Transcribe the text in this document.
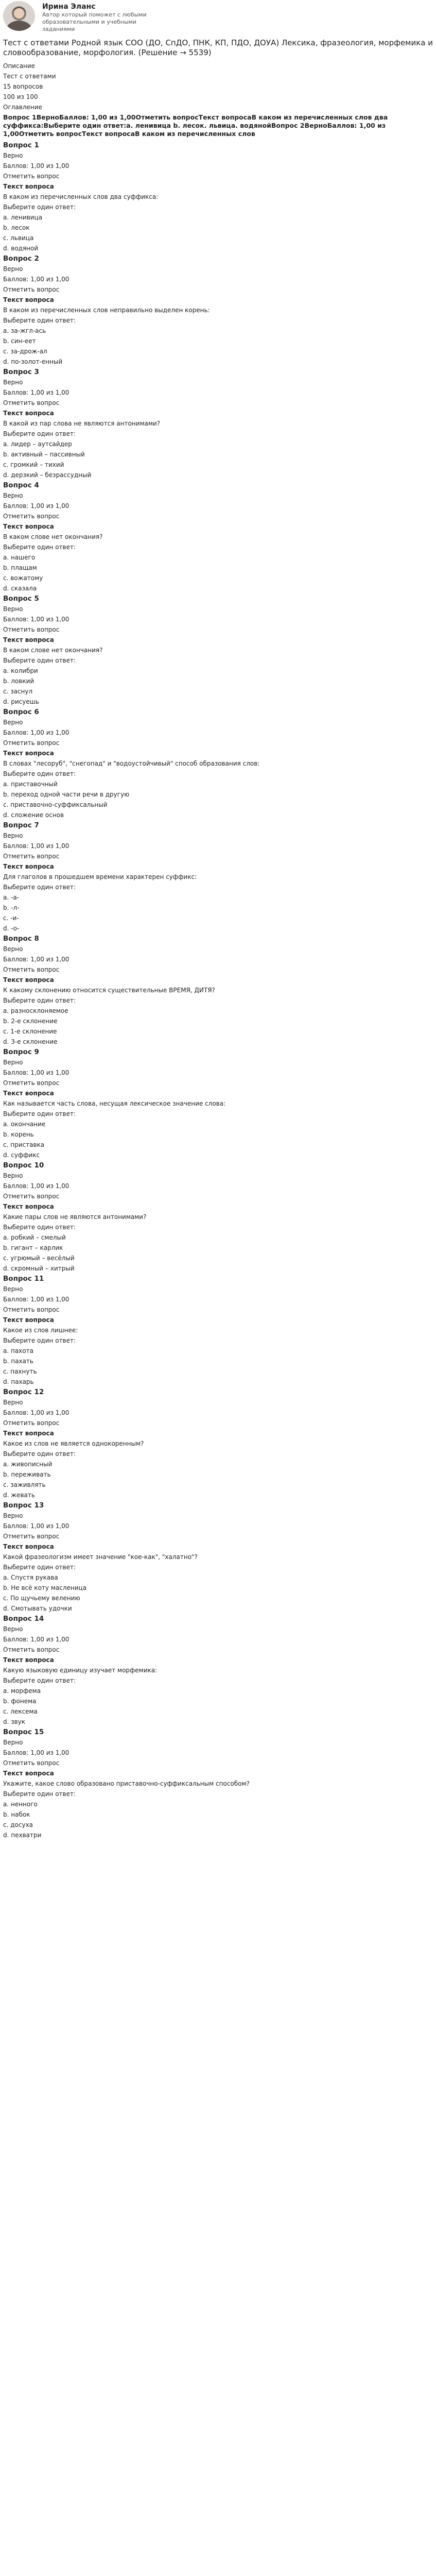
Ирина Эланс
Автор который поможет с любыми образовательными и учебными заданиями
Тест с ответами Родной язык СОО (ДО, СпДО, ПНК, КП, ПДО, ДОУА) Лексика, фразеология, морфемика и словообразование, морфология. (Решение → 5539)
Описание
Тест с ответами
15 вопросов
100 из 100
Оглавление
Вопрос 1ВерноБаллов: 1,00 из 1,00Отметить вопросТекст вопросаВ каком из перечисленных слов два суффикса:Выберите один ответ:a. ленивица b. лесок. львица. водянойВопрос 2ВерноБаллов: 1,00 из 1,00Отметить вопросТекст вопросаВ каком из перечисленных слов
Вопрос 1
Верно
Баллов: 1,00 из 1,00
Отметить вопрос
Текст вопроса
В каком из перечисленных слов два суффикса:
Выберите один ответ:
a. ленивица
b. лесок
c. львица
d. водяной
Вопрос 2
Верно
Баллов: 1,00 из 1,00
Отметить вопрос
Текст вопроса
В каком из перечисленных слов неправильно выделен корень:
Выберите один ответ:
a. за-жгл-ась
b. син-еет
c. за-дрож-ал
d. по-золот-енный
Вопрос 3
Верно
Баллов: 1,00 из 1,00
Отметить вопрос
Текст вопроса
В какой из пар слова не являются антонимами?
Выберите один ответ:
a. лидер – аутсайдер
b. активный – пассивный
c. громкий – тихий
d. дерзкий – безрассудный
Вопрос 4
Верно
Баллов: 1,00 из 1,00
Отметить вопрос
Текст вопроса
В каком слове нет окончания?
Выберите один ответ:
a. нашего
b. плащам
c. вожатому
d. сказала
Вопрос 5
Верно
Баллов: 1,00 из 1,00
Отметить вопрос
Текст вопроса
В каком слове нет окончания?
Выберите один ответ:
a. колибри
b. ловкий
c. заснул
d. рисуешь
Вопрос 6
Верно
Баллов: 1,00 из 1,00
Отметить вопрос
Текст вопроса
В словах "лесоруб", "снегопад" и "водоустойчивый" способ образования слов:
Выберите один ответ:
a. приставочный
b. переход одной части речи в другую
c. приставочно-суффиксальный
d. сложение основ
Вопрос 7
Верно
Баллов: 1,00 из 1,00
Отметить вопрос
Текст вопроса
Для глаголов в прошедшем времени характерен суффикс:
Выберите один ответ:
a. -а-
b. -л-
c. -и-
d. -о-
Вопрос 8
Верно
Баллов: 1,00 из 1,00
Отметить вопрос
Текст вопроса
К какому склонению относится существительные ВРЕМЯ, ДИТЯ?
Выберите один ответ:
a. разносклоняемое
b. 2-е склонение
c. 1-е склонение
d. 3-е склонение
Вопрос 9
Верно
Баллов: 1,00 из 1,00
Отметить вопрос
Текст вопроса
Как называется часть слова, несущая лексическое значение слова:
Выберите один ответ:
a. окончание
b. корень
c. приставка
d. суффикс
Вопрос 10
Верно
Баллов: 1,00 из 1,00
Отметить вопрос
Текст вопроса
Какие пары слов не являются антонимами?
Выберите один ответ:
a. робкий – смелый
b. гигант – карлик
c. угрюмый – весёлый
d. скромный – хитрый
Вопрос 11
Верно
Баллов: 1,00 из 1,00
Отметить вопрос
Текст вопроса
Какое из слов лишнее:
Выберите один ответ:
a. пахота
b. пахать
c. пахнуть
d. пахарь
Вопрос 12
Верно
Баллов: 1,00 из 1,00
Отметить вопрос
Текст вопроса
Какое из слов не является однокоренным?
Выберите один ответ:
a. живописный
b. переживать
c. заживлять
d. жевать
Вопрос 13
Верно
Баллов: 1,00 из 1,00
Отметить вопрос
Текст вопроса
Какой фразеологизм имеет значение "кое-как", "халатно"?
Выберите один ответ:
a. Спустя рукава
b. Не всё коту масленица
c. По щучьему велению
d. Смотывать удочки
Вопрос 14
Верно
Баллов: 1,00 из 1,00
Отметить вопрос
Текст вопроса
Какую языковую единицу изучает морфемика:
Выберите один ответ:
a. морфема
b. фонема
c. лексема
d. звук
Вопрос 15
Верно
Баллов: 1,00 из 1,00
Отметить вопрос
Текст вопроса
Укажите, какое слово образовано приставочно-суффиксальным способом?
Выберите один ответ:
a. ненного
b. набок
c. досуха
d. пехватри
